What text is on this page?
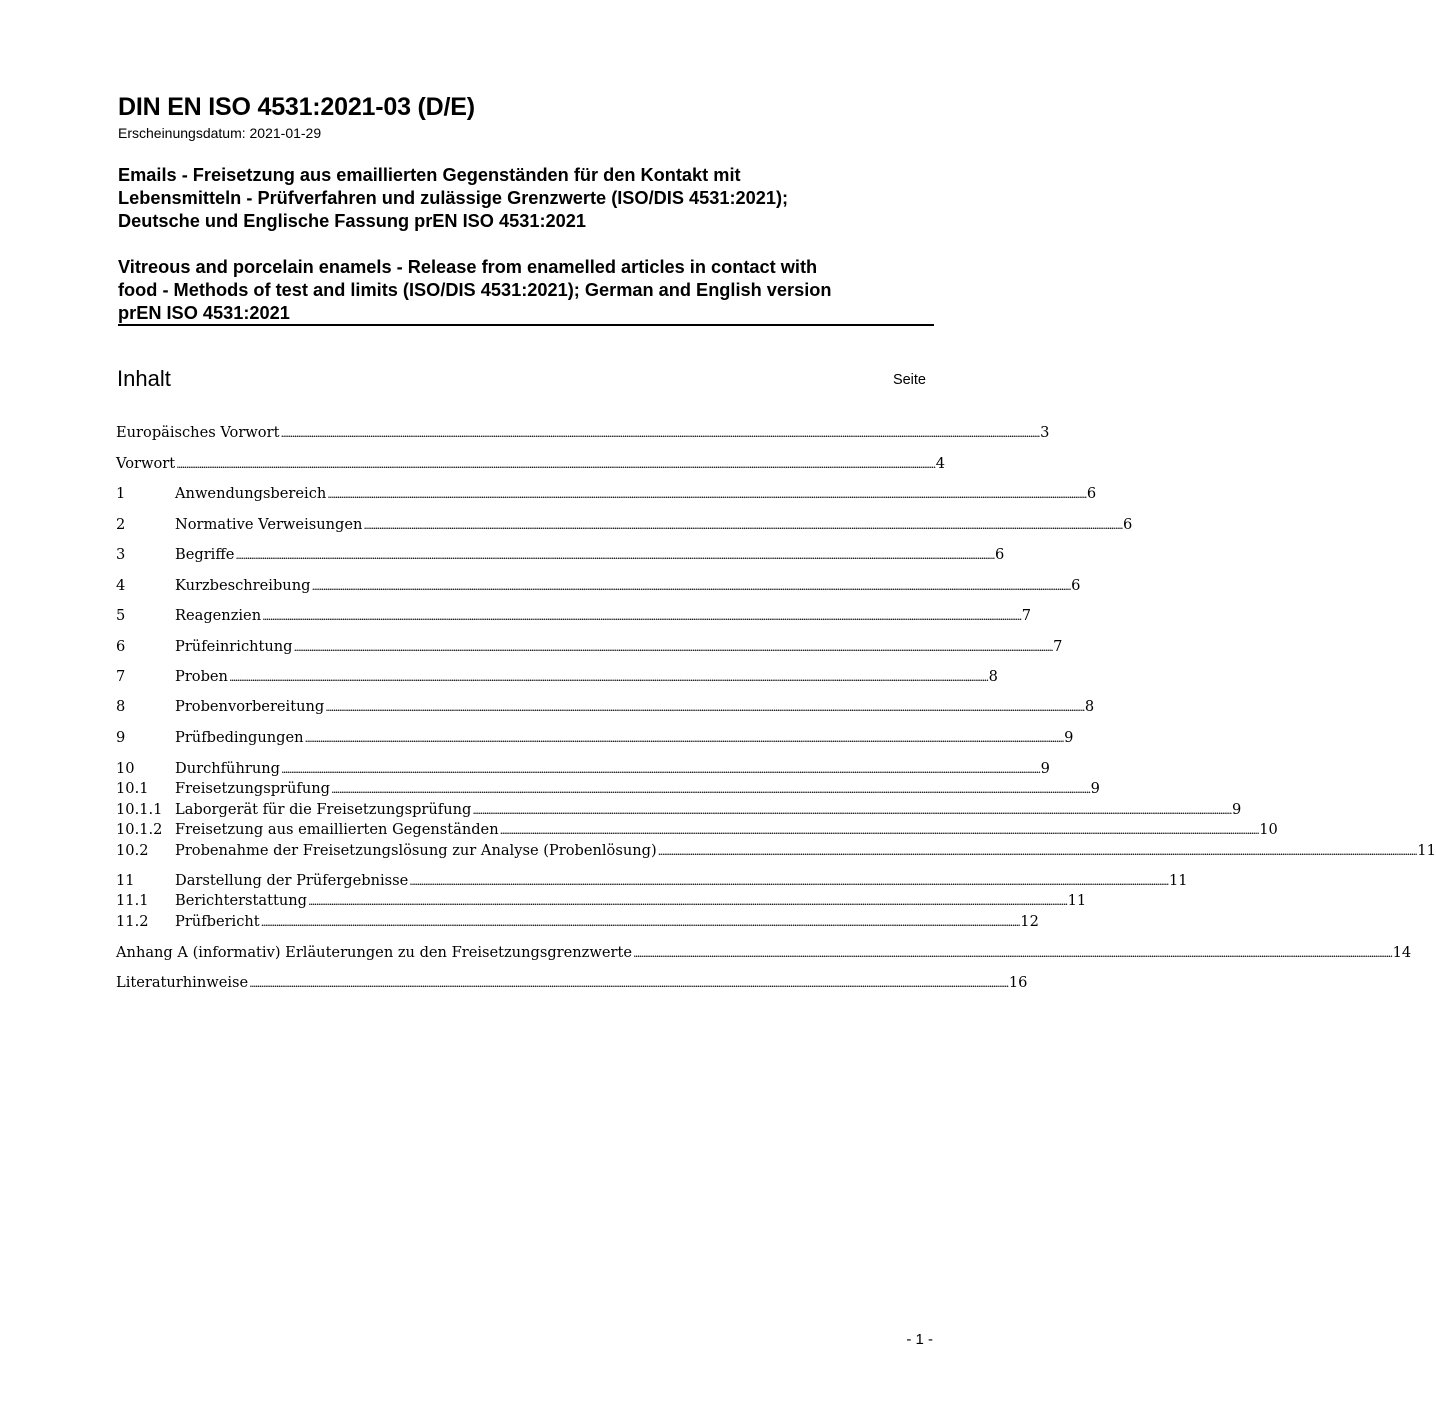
DIN EN ISO 4531:2021-03 (D/E)
Erscheinungsdatum: 2021-01-29
Emails - Freisetzung aus emaillierten Gegenständen für den Kontakt mit
Lebensmitteln - Prüfverfahren und zulässige Grenzwerte (ISO/DIS 4531:2021);
Deutsche und Englische Fassung prEN ISO 4531:2021
Vitreous and porcelain enamels - Release from enamelled articles in contact with
food - Methods of test and limits (ISO/DIS 4531:2021); German and English version
prEN ISO 4531:2021
Inhalt	Seite
Europäisches Vorwort ................................................................................................................................................................................................................................................................................................................................................................................................................ 3
Vorwort ................................................................................................................................................................................................................................................................................................................................................................................................................ 4
1	Anwendungsbereich ................................................................................................................................................................................................................................................................................................................................................................................................................ 6
2	Normative Verweisungen ................................................................................................................................................................................................................................................................................................................................................................................................................ 6
3	Begriffe ................................................................................................................................................................................................................................................................................................................................................................................................................ 6
4	Kurzbeschreibung ................................................................................................................................................................................................................................................................................................................................................................................................................ 6
5	Reagenzien ................................................................................................................................................................................................................................................................................................................................................................................................................ 7
6	Prüfeinrichtung ................................................................................................................................................................................................................................................................................................................................................................................................................ 7
7	Proben ................................................................................................................................................................................................................................................................................................................................................................................................................ 8
8	Probenvorbereitung ................................................................................................................................................................................................................................................................................................................................................................................................................ 8
9	Prüfbedingungen ................................................................................................................................................................................................................................................................................................................................................................................................................ 9
10	Durchführung ................................................................................................................................................................................................................................................................................................................................................................................................................ 9
10.1	Freisetzungsprüfung ................................................................................................................................................................................................................................................................................................................................................................................................................ 9
10.1.1 Laborgerät für die Freisetzungsprüfung ................................................................................................................................................................................................................................................................................................................................................................................................................ 9
10.1.2 Freisetzung aus emaillierten Gegenständen ................................................................................................................................................................................................................................................................................................................................................................................................................ 10
10.2	Probenahme der Freisetzungslösung zur Analyse (Probenlösung) ................................................................................................................................................................................................................................................................................................................................................................................................................ 11
11	Darstellung der Prüfergebnisse ................................................................................................................................................................................................................................................................................................................................................................................................................ 11
11.1	Berichterstattung ................................................................................................................................................................................................................................................................................................................................................................................................................ 11
11.2	Prüfbericht ................................................................................................................................................................................................................................................................................................................................................................................................................ 12
Anhang A (informativ) Erläuterungen zu den Freisetzungsgrenzwerte ................................................................................................................................................................................................................................................................................................................................................................................................................ 14
Literaturhinweise ................................................................................................................................................................................................................................................................................................................................................................................................................ 16
- 1 -
